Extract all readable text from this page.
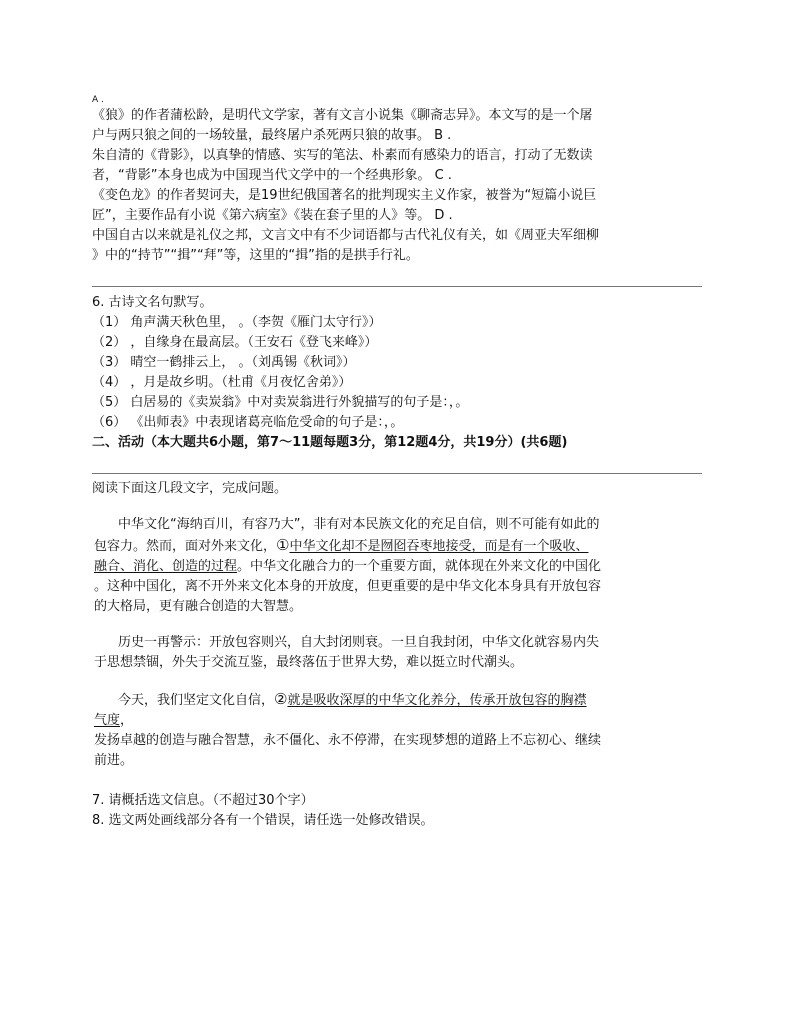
A .

《狼》的作者蒲松龄，是明代文学家，著有文言小说集《聊斋志异》。本文写的是一个屠

户与两只狼之间的一场较量，最终屠户杀死两只狼的故事。 B .

朱自清的《背影》，以真挚的情感、实写的笔法、朴素而有感染力的语言，打动了无数读

者，“背影”本身也成为中国现当代文学中的一个经典形象。 C .

《变色龙》的作者契诃夫，是19世纪俄国著名的批判现实主义作家，被誉为“短篇小说巨

匠”，主要作品有小说《第六病室》《装在套子里的人》等。 D .

中国自古以来就是礼仪之邦，文言文中有不少词语都与古代礼仪有关，如《周亚夫军细柳

》中的“持节”“揖”“拜”等，这里的“揖”指的是拱手行礼。

6. 古诗文名句默写。

（1） 角声满天秋色里， 。（李贺《雁门太守行》）

（2） ，自缘身在最高层。（王安石《登飞来峰》）

（3） 晴空一鹤排云上， 。（刘禹锡《秋词》）

（4） ，月是故乡明。（杜甫《月夜忆舍弟》）

（5） 白居易的《卖炭翁》中对卖炭翁进行外貌描写的句子是：，。

（6） 《出师表》中表现诸葛亮临危受命的句子是：，。

二、活动（本大题共6小题，第7～11题每题3分，第12题4分，共19分）(共6题)

阅读下面这几段文字，完成问题。

中华文化“海纳百川，有容乃大”，非有对本民族文化的充足自信，则不可能有如此的

包容力。然而，面对外来文化，①中华文化却不是囫囵吞枣地接受，而是有一个吸收、

融合、消化、创造的过程。中华文化融合力的一个重要方面，就体现在外来文化的中国化

。这种中国化，离不开外来文化本身的开放度，但更重要的是中华文化本身具有开放包容

的大格局，更有融合创造的大智慧。

历史一再警示：开放包容则兴，自大封闭则衰。一旦自我封闭，中华文化就容易内失

于思想禁锢，外失于交流互鉴，最终落伍于世界大势，难以挺立时代潮头。

今天，我们坚定文化自信，②就是吸收深厚的中华文化养分，传承开放包容的胸襟

气度，

发扬卓越的创造与融合智慧，永不僵化、永不停滞，在实现梦想的道路上不忘初心、继续

前进。

7. 请概括选文信息。（不超过30个字）

8. 选文两处画线部分各有一个错误，请任选一处修改错误。
